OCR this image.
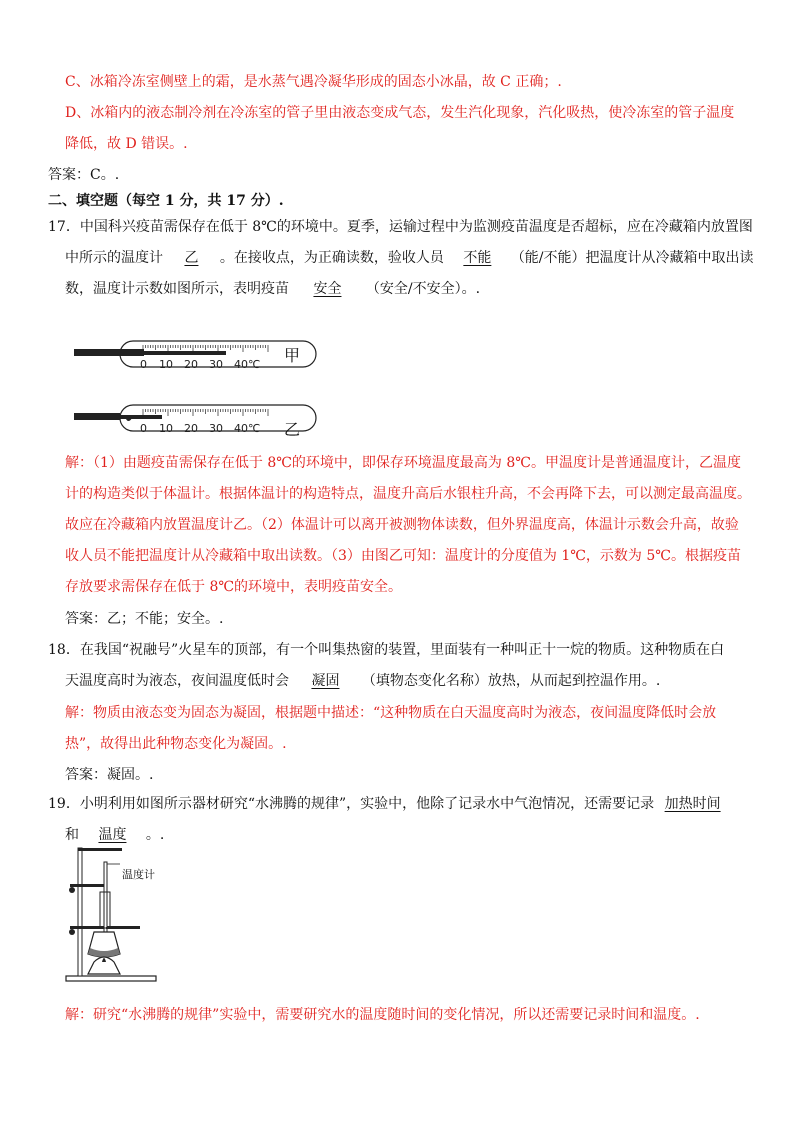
C、冰箱冷冻室侧壁上的霜，是水蒸气遇冷凝华形成的固态小冰晶，故 C 正确；.
D、冰箱内的液态制冷剂在冷冻室的管子里由液态变成气态，发生汽化现象，汽化吸热，使冷冻室的管子温度
降低，故 D 错误。.
答案：C。.
二、填空题（每空 1 分，共 17 分）.
17．中国科兴疫苗需保存在低于 8℃的环境中。夏季，运输过程中为监测疫苗温度是否超标，应在冷藏箱内放置图
中所示的温度计 乙 。在接收点，为正确读数，验收人员 不能 （能/不能）把温度计从冷藏箱中取出读
数，温度计示数如图所示，表明疫苗 安全 （安全/不安全）。.
0 10 20 30 40℃ 甲
0 10 20 30 40℃ 乙
解：（1）由题疫苗需保存在低于 8℃的环境中，即保存环境温度最高为 8℃。甲温度计是普通温度计，乙温度
计的构造类似于体温计。根据体温计的构造特点，温度升高后水银柱升高，不会再降下去，可以测定最高温度。
故应在冷藏箱内放置温度计乙。（2）体温计可以离开被测物体读数，但外界温度高，体温计示数会升高，故验
收人员不能把温度计从冷藏箱中取出读数。（3）由图乙可知：温度计的分度值为 1℃，示数为 5℃。根据疫苗
存放要求需保存在低于 8℃的环境中，表明疫苗安全。
答案：乙；不能；安全。.
18．在我国“祝融号”火星车的顶部，有一个叫集热窗的装置，里面装有一种叫正十一烷的物质。这种物质在白
天温度高时为液态，夜间温度低时会 凝固 （填物态变化名称）放热，从而起到控温作用。.
解：物质由液态变为固态为凝固，根据题中描述：“这种物质在白天温度高时为液态，夜间温度降低时会放
热”，故得出此种物态变化为凝固。.
答案：凝固。.
19．小明利用如图所示器材研究“水沸腾的规律”，实验中，他除了记录水中气泡情况，还需要记录 加热时间
和 温度 。.
温度计
解：研究“水沸腾的规律”实验中，需要研究水的温度随时间的变化情况，所以还需要记录时间和温度。.
